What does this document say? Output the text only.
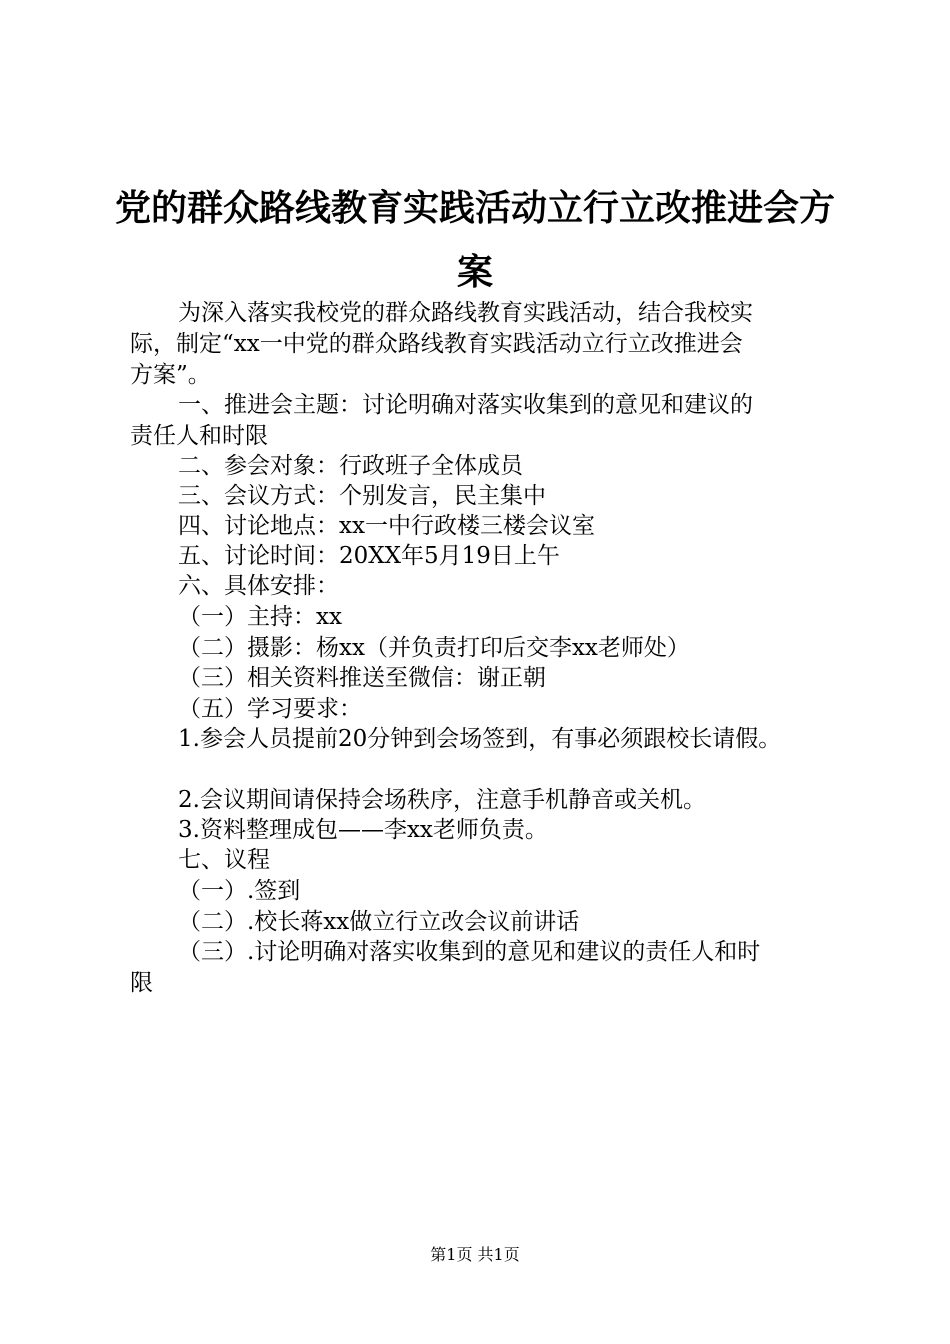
党的群众路线教育实践活动立行立改推进会方
案
为深入落实我校党的群众路线教育实践活动，结合我校实
际，制定“xx一中党的群众路线教育实践活动立行立改推进会
方案”。
一、推进会主题：讨论明确对落实收集到的意见和建议的
责任人和时限
二、参会对象：行政班子全体成员
三、会议方式：个别发言，民主集中
四、讨论地点：xx一中行政楼三楼会议室
五、讨论时间：20XX年5月19日上午
六、具体安排：
（一）主持：xx
（二）摄影：杨xx（并负责打印后交李xx老师处）
（三）相关资料推送至微信：谢正朝
（五）学习要求：
1.参会人员提前20分钟到会场签到，有事必须跟校长请假。
2.会议期间请保持会场秩序，注意手机静音或关机。
3.资料整理成包——李xx老师负责。
七、议程
（一）.签到
（二）.校长蒋xx做立行立改会议前讲话
（三）.讨论明确对落实收集到的意见和建议的责任人和时
限
第1页 共1页
